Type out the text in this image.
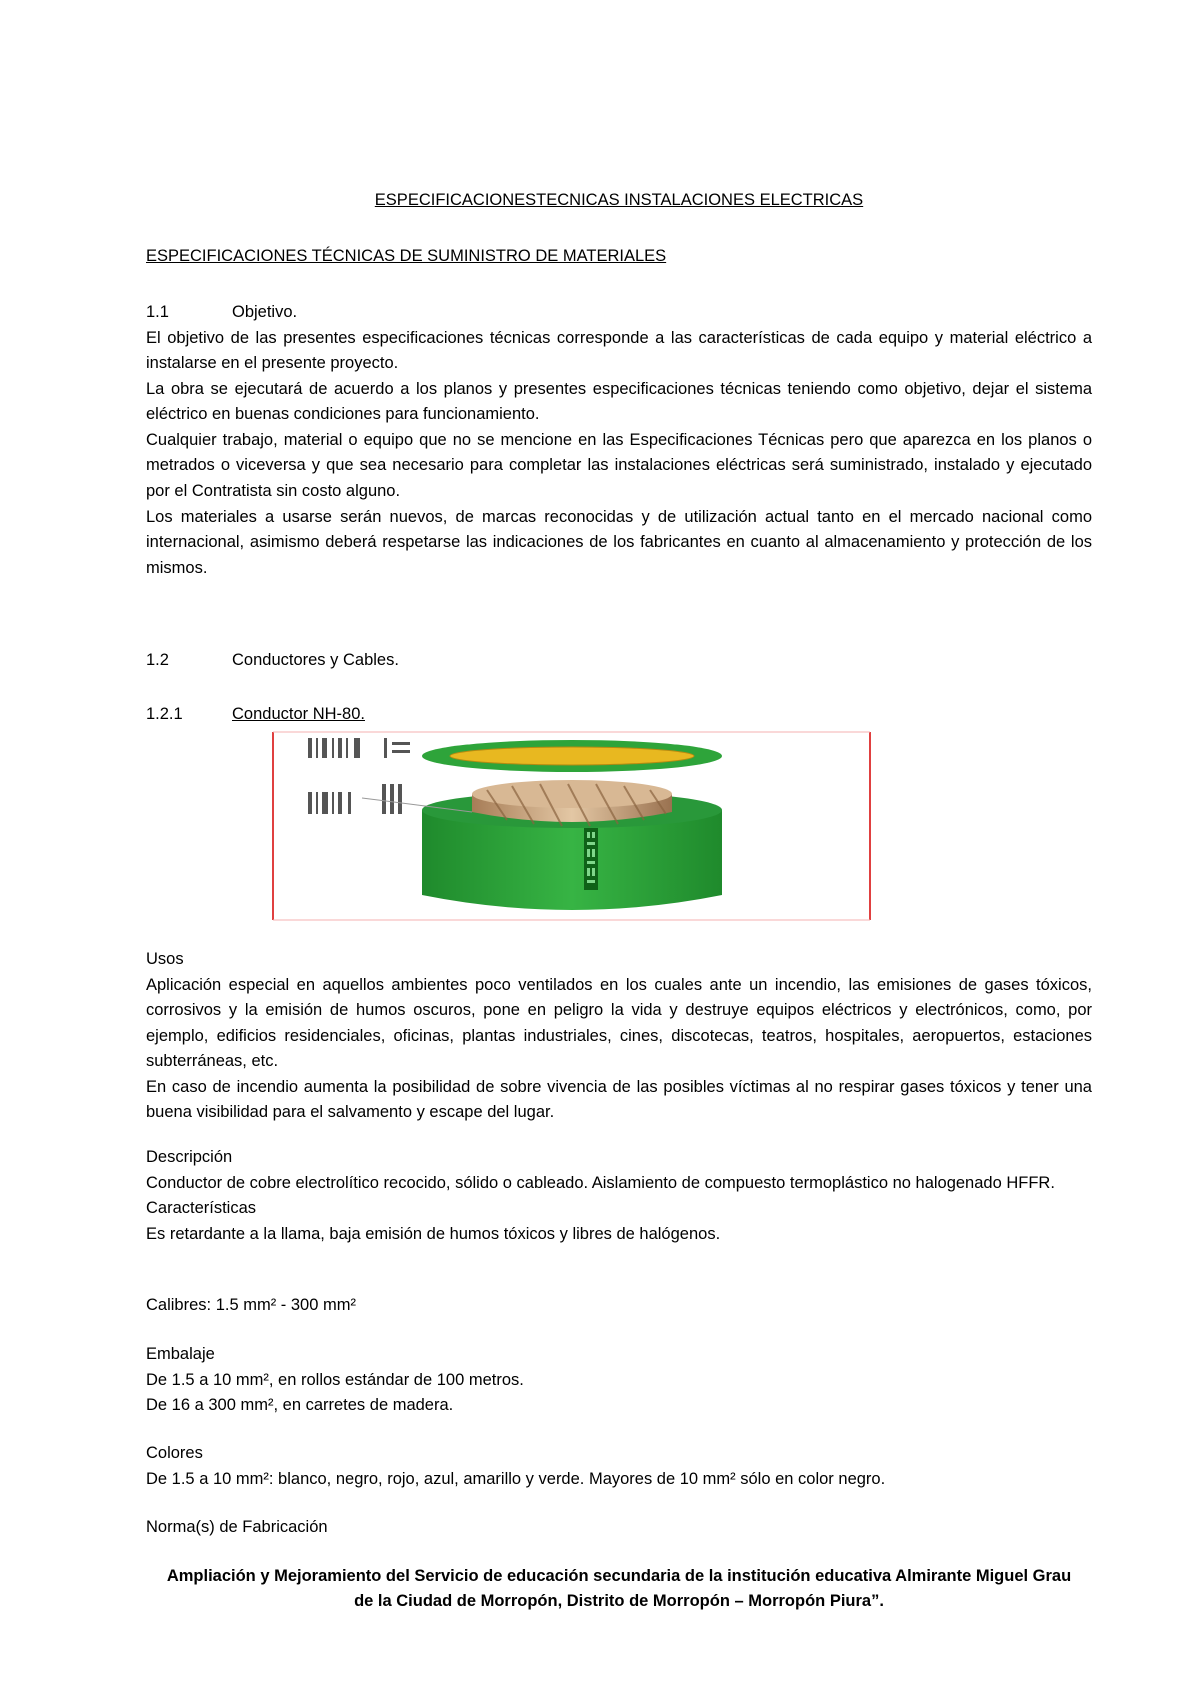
ESPECIFICACIONESTECNICAS INSTALACIONES ELECTRICAS
ESPECIFICACIONES TÉCNICAS DE SUMINISTRO DE MATERIALES
1.1	Objetivo.

El objetivo de las presentes especificaciones técnicas corresponde a las características de cada equipo y material eléctrico a instalarse en el presente proyecto.

La obra se ejecutará de acuerdo a los planos y presentes especificaciones técnicas teniendo como objetivo, dejar el sistema eléctrico en buenas condiciones para funcionamiento.

Cualquier trabajo, material o equipo que no se mencione en las Especificaciones Técnicas pero que aparezca en los planos o metrados o viceversa y que sea necesario para completar las instalaciones eléctricas será suministrado, instalado y ejecutado por el Contratista sin costo alguno.

Los materiales a usarse serán nuevos, de marcas reconocidas y de utilización actual tanto en el mercado nacional como internacional, asimismo deberá respetarse las indicaciones de los fabricantes en cuanto al almacenamiento y protección de los mismos.

1.2	Conductores y Cables.
1.2.1	Conductor NH-80.

Usos

Aplicación especial en aquellos ambientes poco ventilados en los cuales ante un incendio, las emisiones de gases tóxicos, corrosivos y la emisión de humos oscuros, pone en peligro la vida y destruye equipos eléctricos y electrónicos, como, por ejemplo, edificios residenciales, oficinas, plantas industriales, cines, discotecas, teatros, hospitales, aeropuertos, estaciones subterráneas, etc.

En caso de incendio aumenta la posibilidad de sobre vivencia de las posibles víctimas al no respirar gases tóxicos y tener una buena visibilidad para el salvamento y escape del lugar.

Descripción

Conductor de cobre electrolítico recocido, sólido o cableado. Aislamiento de compuesto termoplástico no halogenado HFFR.

Características

Es retardante a la llama, baja emisión de humos tóxicos y libres de halógenos.

Calibres: 1.5 mm² - 300 mm²

Embalaje

De 1.5 a 10 mm², en rollos estándar de 100 metros.

De 16 a 300 mm², en carretes de madera.

Colores

De 1.5 a 10 mm²: blanco, negro, rojo, azul, amarillo y verde. Mayores de 10 mm² sólo en color negro.

Norma(s) de Fabricación

Ampliación y Mejoramiento del Servicio de educación secundaria de la institución educativa Almirante Miguel Grau
de la Ciudad de Morropón, Distrito de Morropón – Morropón Piura”.
